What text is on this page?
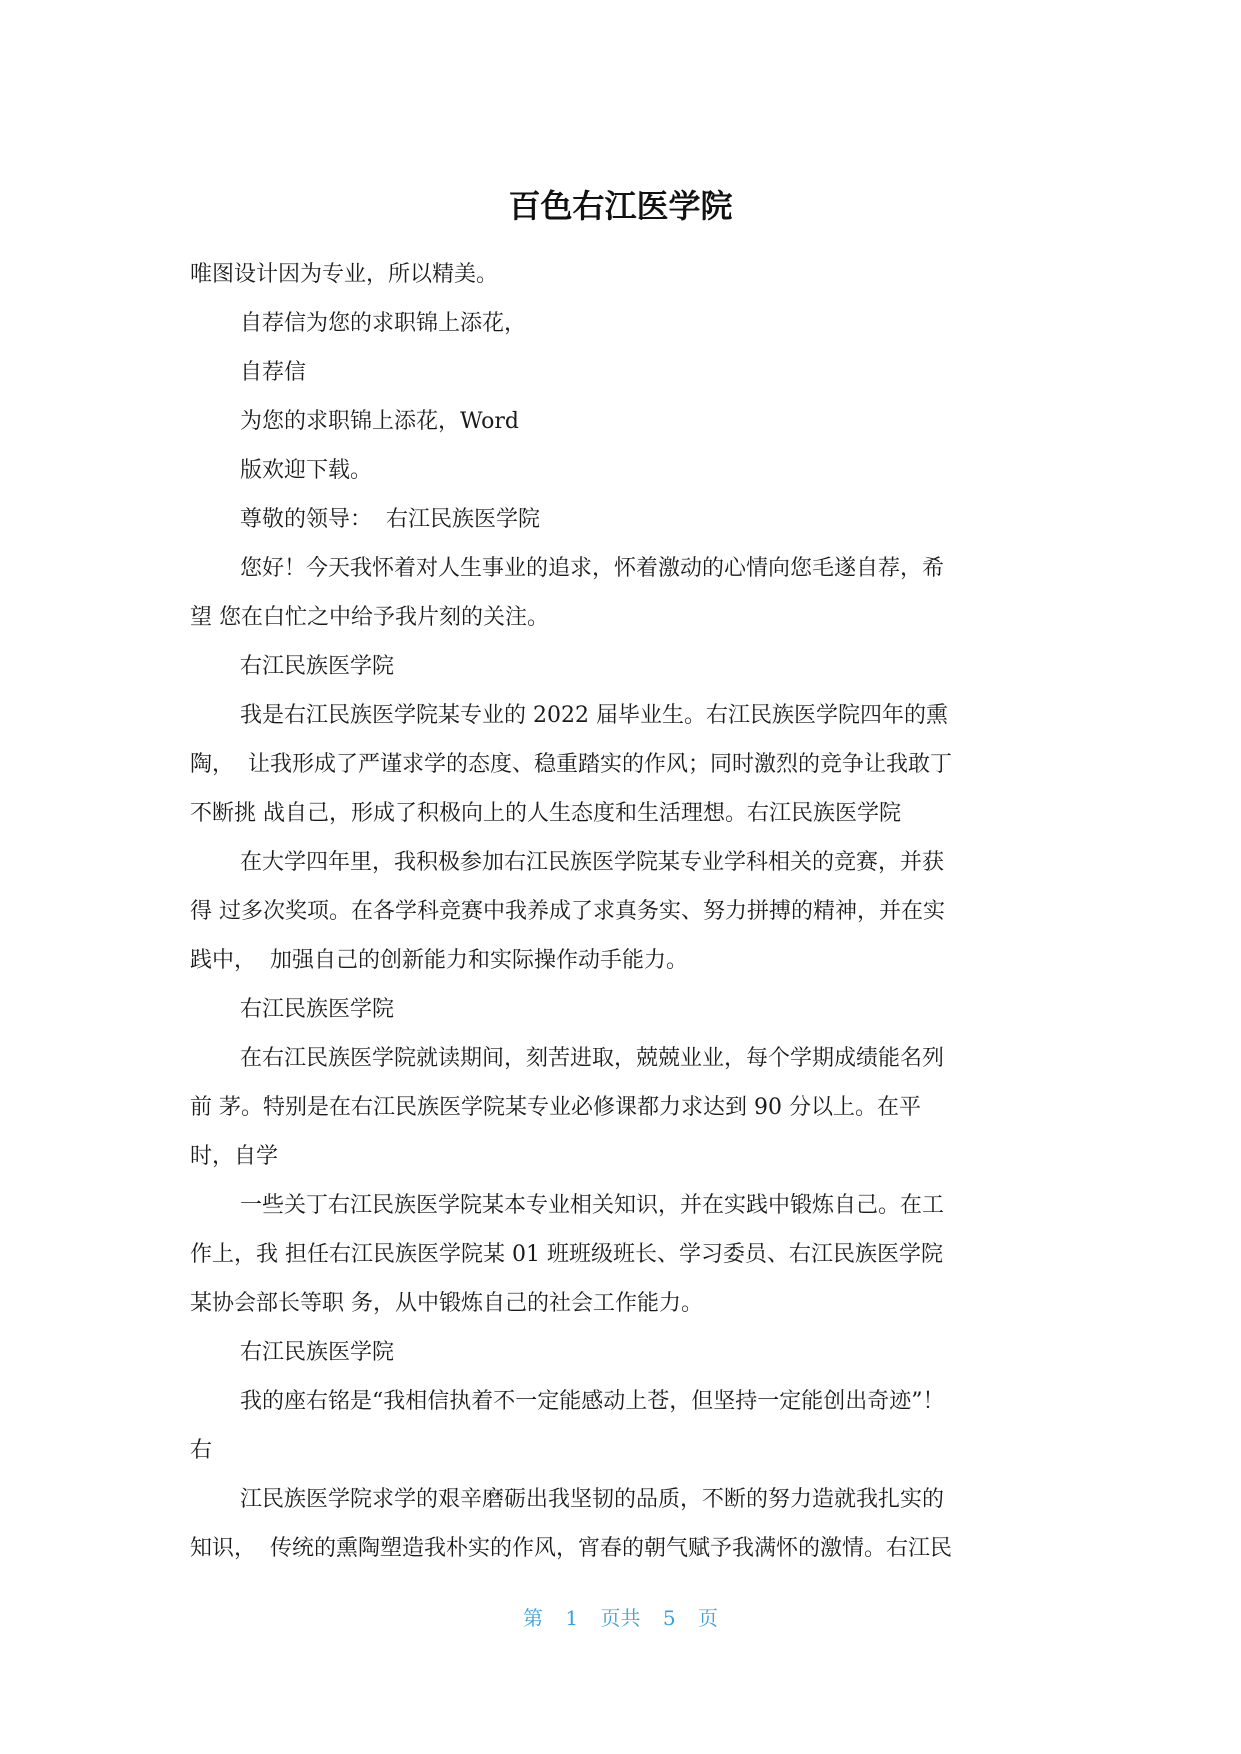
百色右江医学院

唯图设计因为专业，所以精美。

自荐信为您的求职锦上添花，

自荐信

为您的求职锦上添花，Word

版欢迎下载。

尊敬的领导：  右江民族医学院

您好！今天我怀着对人生事业的追求，怀着激动的心情向您毛遂自荐，希
望 您在白忙之中给予我片刻的关注。

右江民族医学院

我是右江民族医学院某专业的 2022 届毕业生。右江民族医学院四年的熏
陶，  让我形成了严谨求学的态度、稳重踏实的作风；同时激烈的竞争让我敢丁
不断挑 战自己，形成了积极向上的人生态度和生活理想。右江民族医学院

在大学四年里，我积极参加右江民族医学院某专业学科相关的竞赛，并获
得 过多次奖项。在各学科竞赛中我养成了求真务实、努力拼搏的精神，并在实
践中，  加强自己的创新能力和实际操作动手能力。

右江民族医学院

在右江民族医学院就读期间，刻苦进取，兢兢业业，每个学期成绩能名列
前 茅。特别是在右江民族医学院某专业必修课都力求达到 90 分以上。在平
时，自学

一些关丁右江民族医学院某本专业相关知识，并在实践中锻炼自己。在工
作上，我 担任右江民族医学院某 01 班班级班长、学习委员、右江民族医学院
某协会部长等职 务，从中锻炼自己的社会工作能力。

右江民族医学院

我的座右铭是“我相信执着不一定能感动上苍，但坚持一定能创出奇迹”！
右

江民族医学院求学的艰辛磨砺出我坚韧的品质，不断的努力造就我扎实的
知识，  传统的熏陶塑造我朴实的作风，宵春的朝气赋予我满怀的激情。右江民

第 1 页共 5 页
